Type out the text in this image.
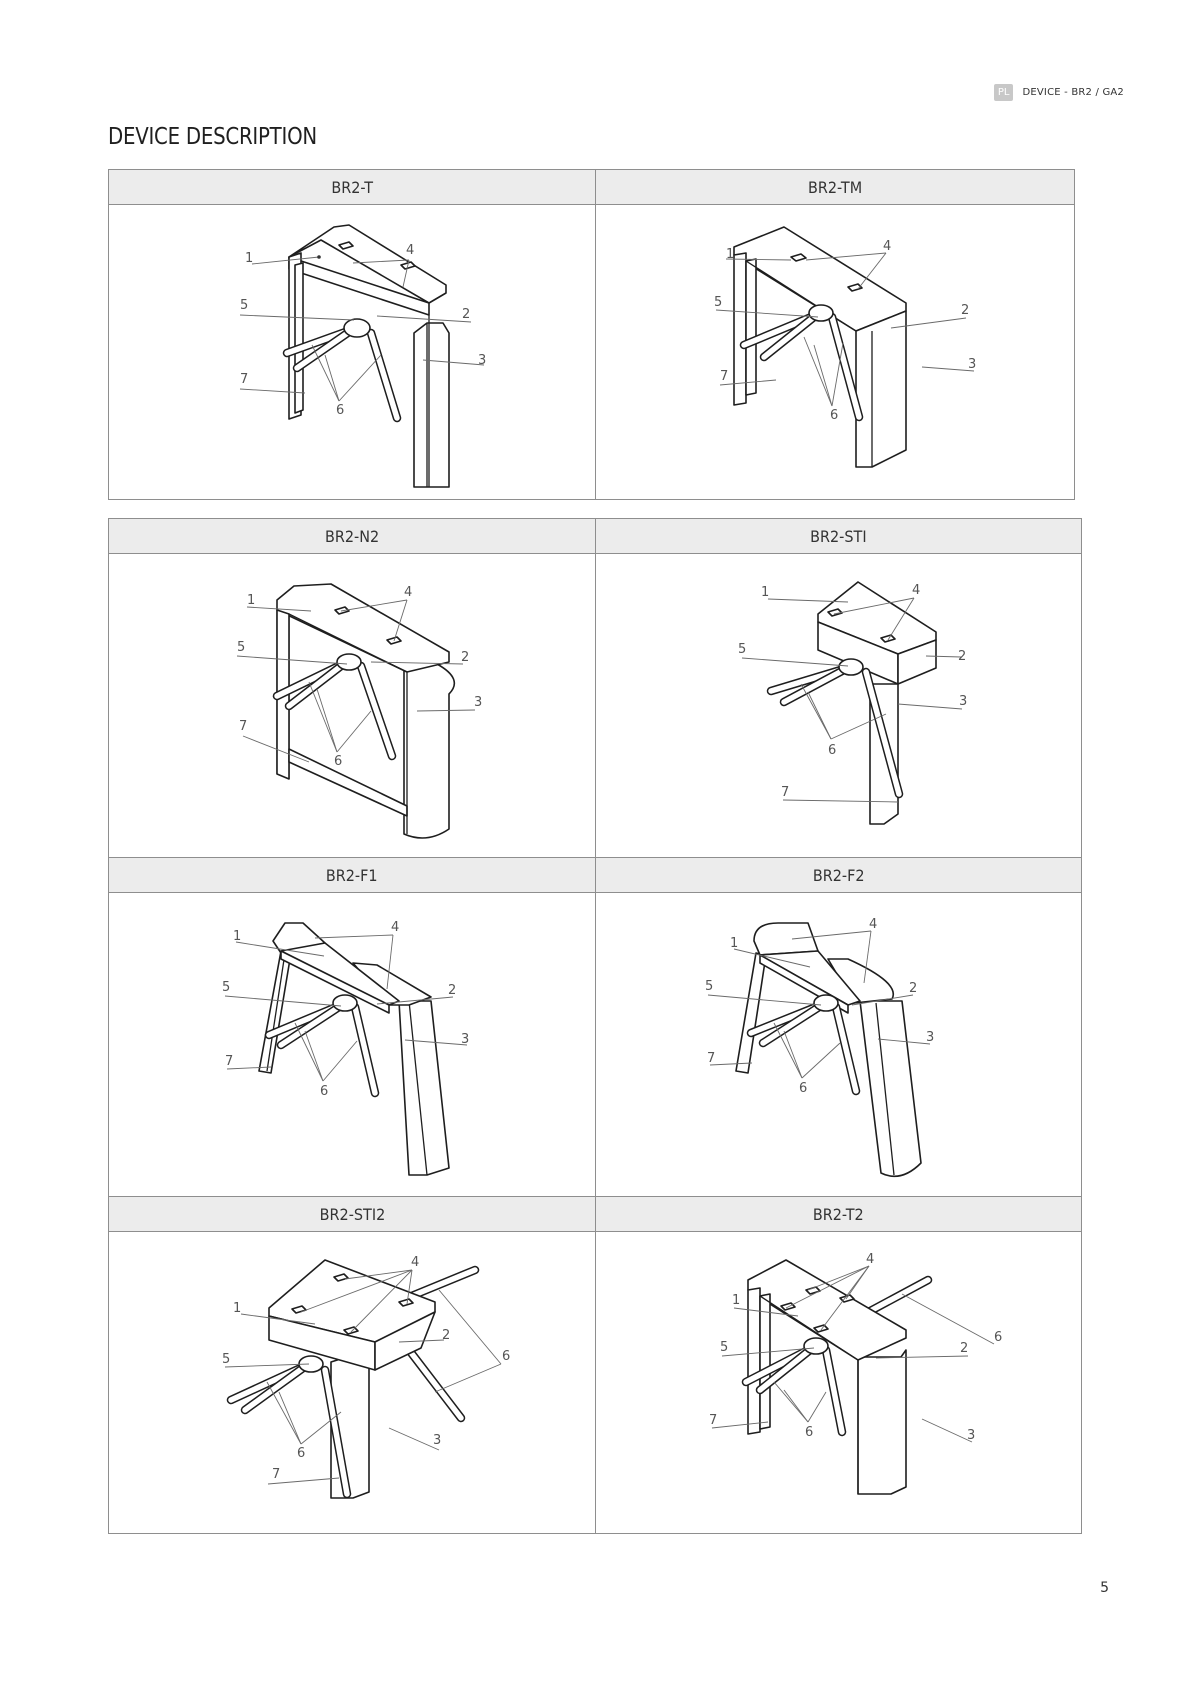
PL	DEVICE - BR2 / GA2
DEVICE DESCRIPTION
BR2-T
1
4
5
2
3
7
6
BR2-TM
1
4
5
2
3
7
6
BR2-N2
1
4
5
2
3
7
6
BR2-STI
1	4
5	2
3
7
6
BR2-F1
1
4
5	2
3
7
6
BR2-F2
1
4
5	2
3
7
6
BR2-STI2
1
4
5
2
3
7
6
6
BR2-T2
1
4
5	2
3
6
7
6
5
